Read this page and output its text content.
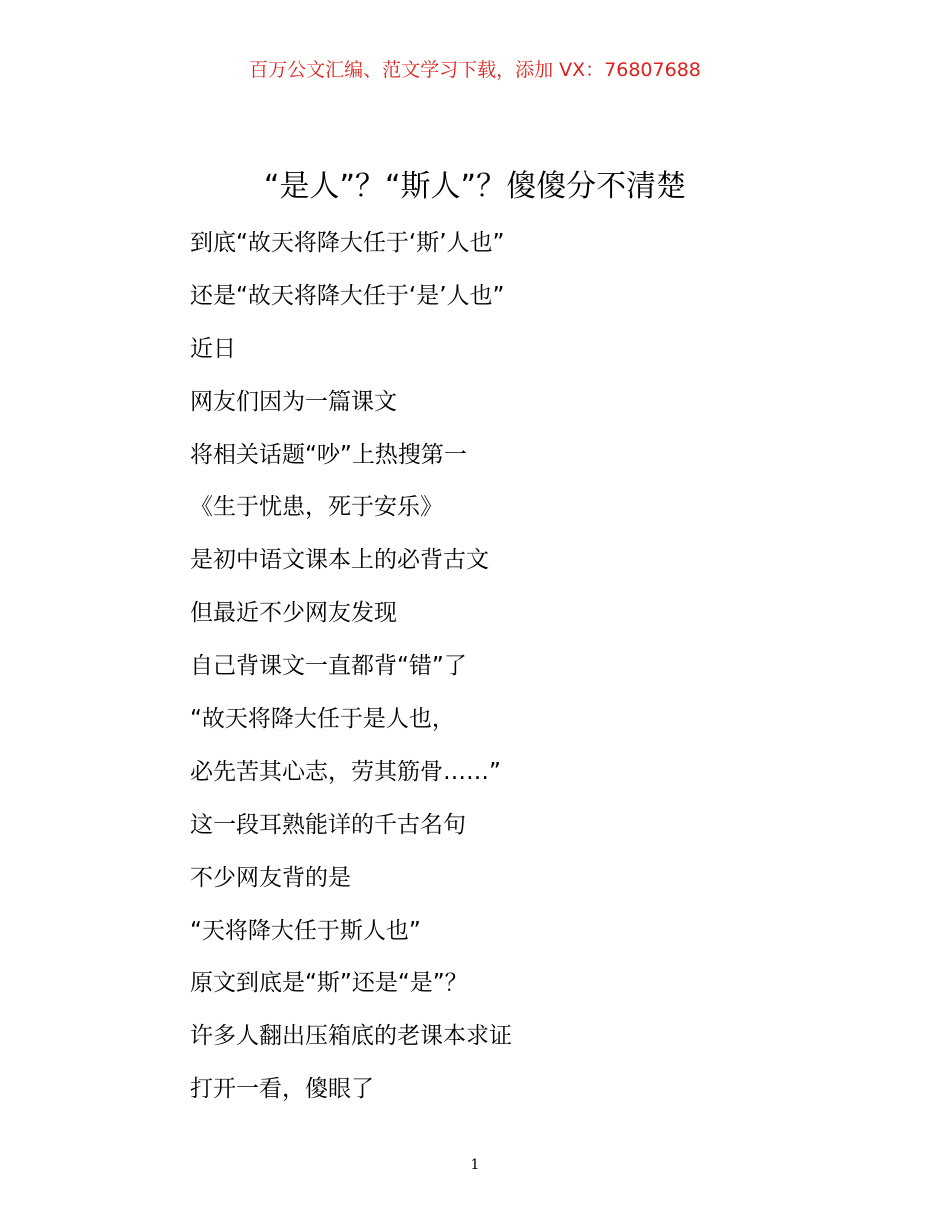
百万公文汇编、范文学习下载，添加 VX：76807688
“是人”？“斯人”？傻傻分不清楚
到底“故天将降大任于‘斯’人也”
还是“故天将降大任于‘是’人也”
近日
网友们因为一篇课文
将相关话题“吵”上热搜第一
《生于忧患，死于安乐》
是初中语文课本上的必背古文
但最近不少网友发现
自己背课文一直都背“错”了
“故天将降大任于是人也，
必先苦其心志，劳其筋骨……”
这一段耳熟能详的千古名句
不少网友背的是
“天将降大任于斯人也”
原文到底是“斯”还是“是”？
许多人翻出压箱底的老课本求证
打开一看，傻眼了
1
